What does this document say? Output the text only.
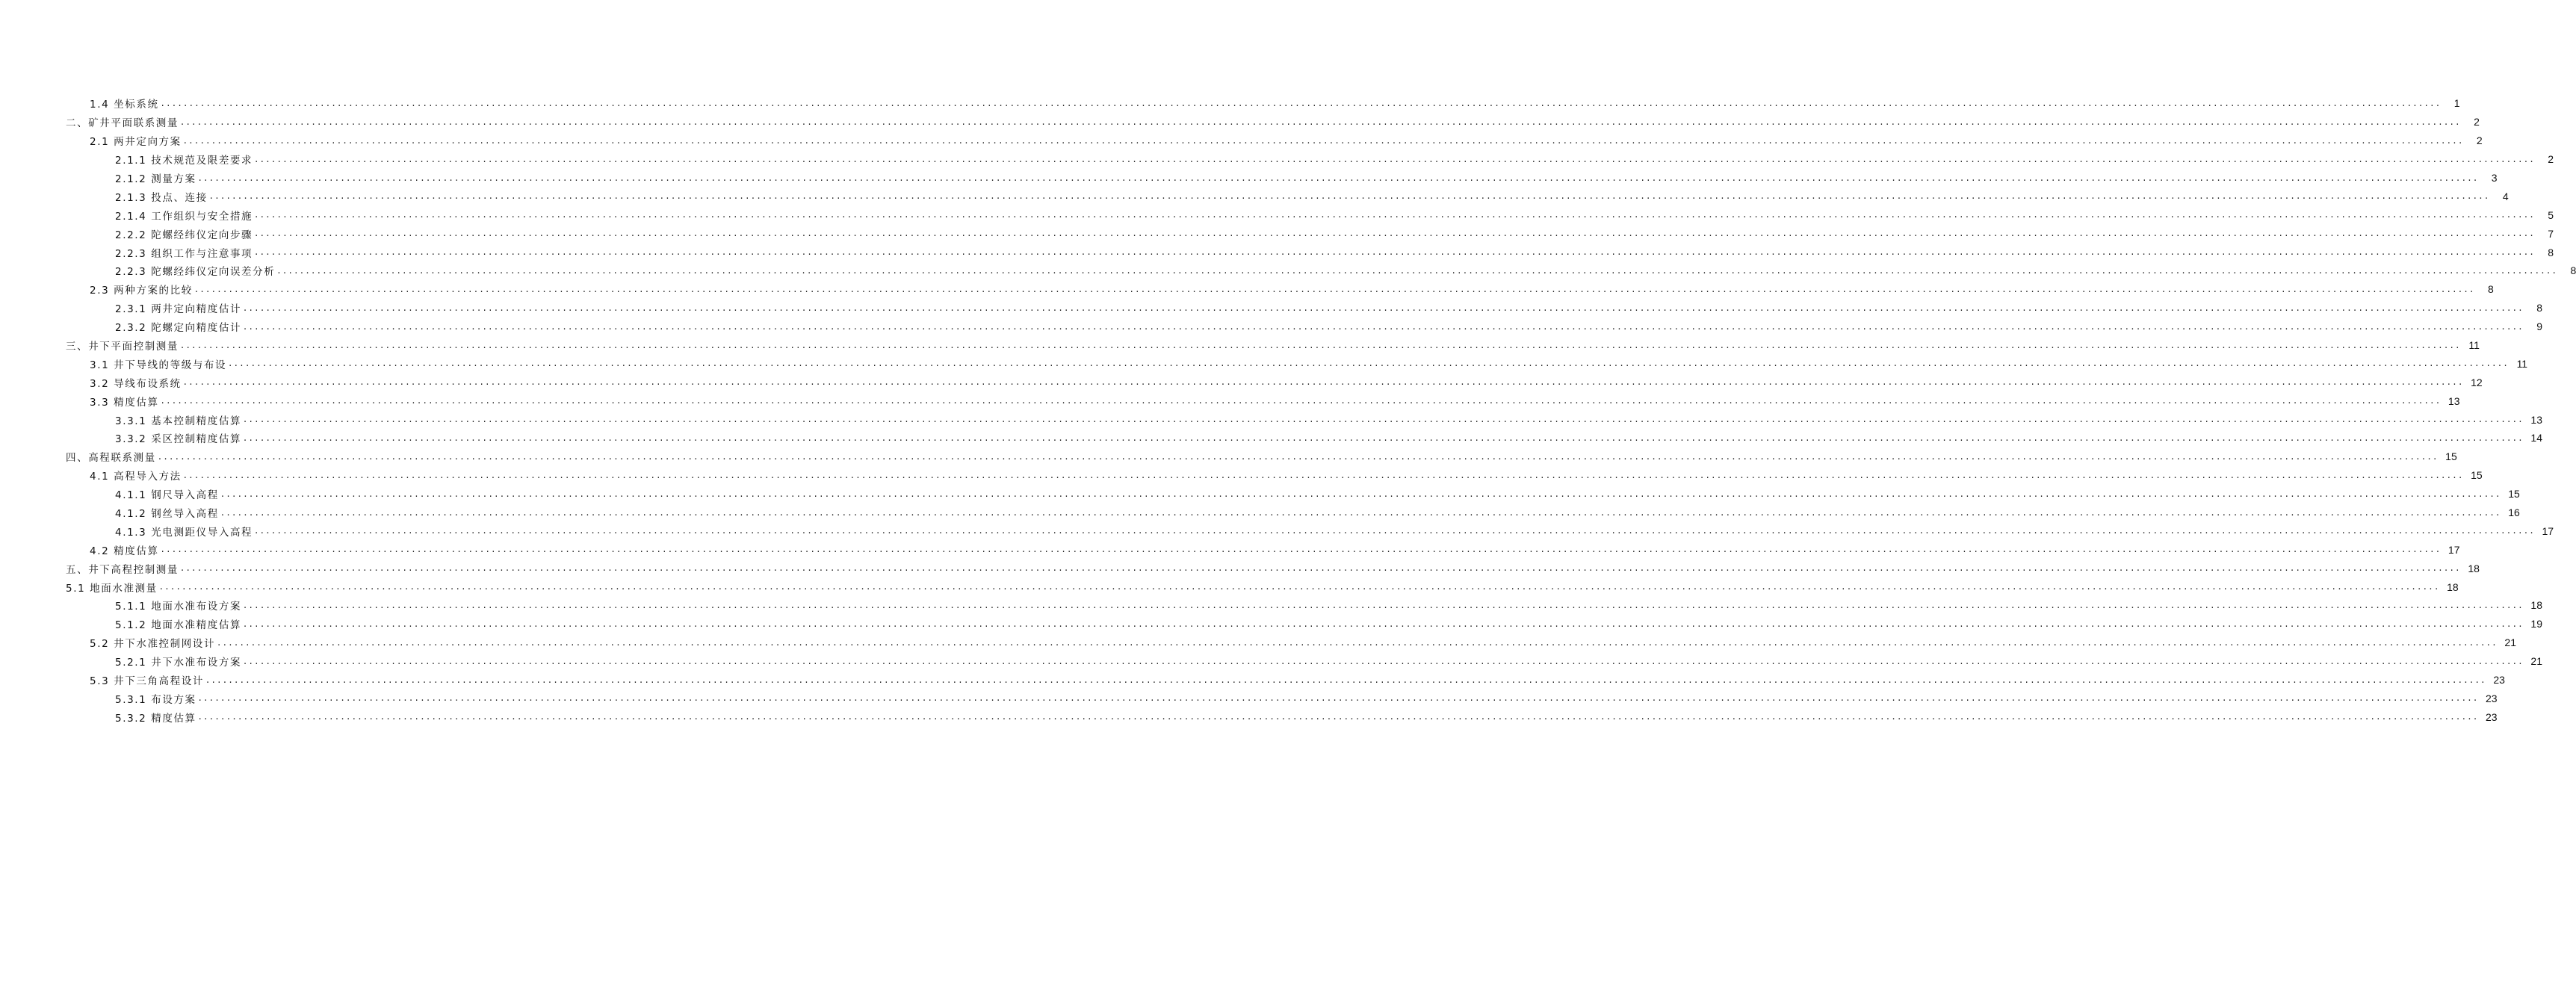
1.4 坐标系统 ................................................................................................................................................................................................................................................................................................................................................................................................................	1
二、矿井平面联系测量 ................................................................................................................................................................................................................................................................................................................................................................................................................	2
2.1 两井定向方案 ................................................................................................................................................................................................................................................................................................................................................................................................................	2
2.1.1 技术规范及限差要求 ................................................................................................................................................................................................................................................................................................................................................................................................................	2
2.1.2 测量方案 ................................................................................................................................................................................................................................................................................................................................................................................................................	3
2.1.3 投点、连接 ................................................................................................................................................................................................................................................................................................................................................................................................................	4
2.1.4 工作组织与安全措施 ................................................................................................................................................................................................................................................................................................................................................................................................................	5
2.2.2 陀螺经纬仪定向步骤 ................................................................................................................................................................................................................................................................................................................................................................................................................	7
2.2.3 组织工作与注意事项 ................................................................................................................................................................................................................................................................................................................................................................................................................	8
2.2.3 陀螺经纬仪定向误差分析 ................................................................................................................................................................................................................................................................................................................................................................................................................	8
2.3 两种方案的比较 ................................................................................................................................................................................................................................................................................................................................................................................................................	8
2.3.1 两井定向精度估计 ................................................................................................................................................................................................................................................................................................................................................................................................................	8
2.3.2 陀螺定向精度估计 ................................................................................................................................................................................................................................................................................................................................................................................................................	9
三、井下平面控制测量 ................................................................................................................................................................................................................................................................................................................................................................................................................ 11
3.1 井下导线的等级与布设 ................................................................................................................................................................................................................................................................................................................................................................................................................ 11
3.2 导线布设系统 ................................................................................................................................................................................................................................................................................................................................................................................................................ 12
3.3 精度估算 ................................................................................................................................................................................................................................................................................................................................................................................................................ 13
3.3.1 基本控制精度估算 ................................................................................................................................................................................................................................................................................................................................................................................................................ 13
3.3.2 采区控制精度估算 ................................................................................................................................................................................................................................................................................................................................................................................................................ 14
四、高程联系测量 ................................................................................................................................................................................................................................................................................................................................................................................................................ 15
4.1 高程导入方法 ................................................................................................................................................................................................................................................................................................................................................................................................................ 15
4.1.1 钢尺导入高程 ................................................................................................................................................................................................................................................................................................................................................................................................................ 15
4.1.2 钢丝导入高程 ................................................................................................................................................................................................................................................................................................................................................................................................................ 16
4.1.3 光电测距仪导入高程 ................................................................................................................................................................................................................................................................................................................................................................................................................ 17
4.2 精度估算 ................................................................................................................................................................................................................................................................................................................................................................................................................ 17
五、井下高程控制测量 ................................................................................................................................................................................................................................................................................................................................................................................................................ 18
5.1 地面水准测量 ................................................................................................................................................................................................................................................................................................................................................................................................................ 18
5.1.1 地面水准布设方案 ................................................................................................................................................................................................................................................................................................................................................................................................................ 18
5.1.2 地面水准精度估算 ................................................................................................................................................................................................................................................................................................................................................................................................................ 19
5.2 井下水准控制网设计 ................................................................................................................................................................................................................................................................................................................................................................................................................ 21
5.2.1 井下水准布设方案 ................................................................................................................................................................................................................................................................................................................................................................................................................ 21
5.3 井下三角高程设计 ................................................................................................................................................................................................................................................................................................................................................................................................................ 23
5.3.1 布设方案 ................................................................................................................................................................................................................................................................................................................................................................................................................ 23
5.3.2 精度估算 ................................................................................................................................................................................................................................................................................................................................................................................................................ 23
